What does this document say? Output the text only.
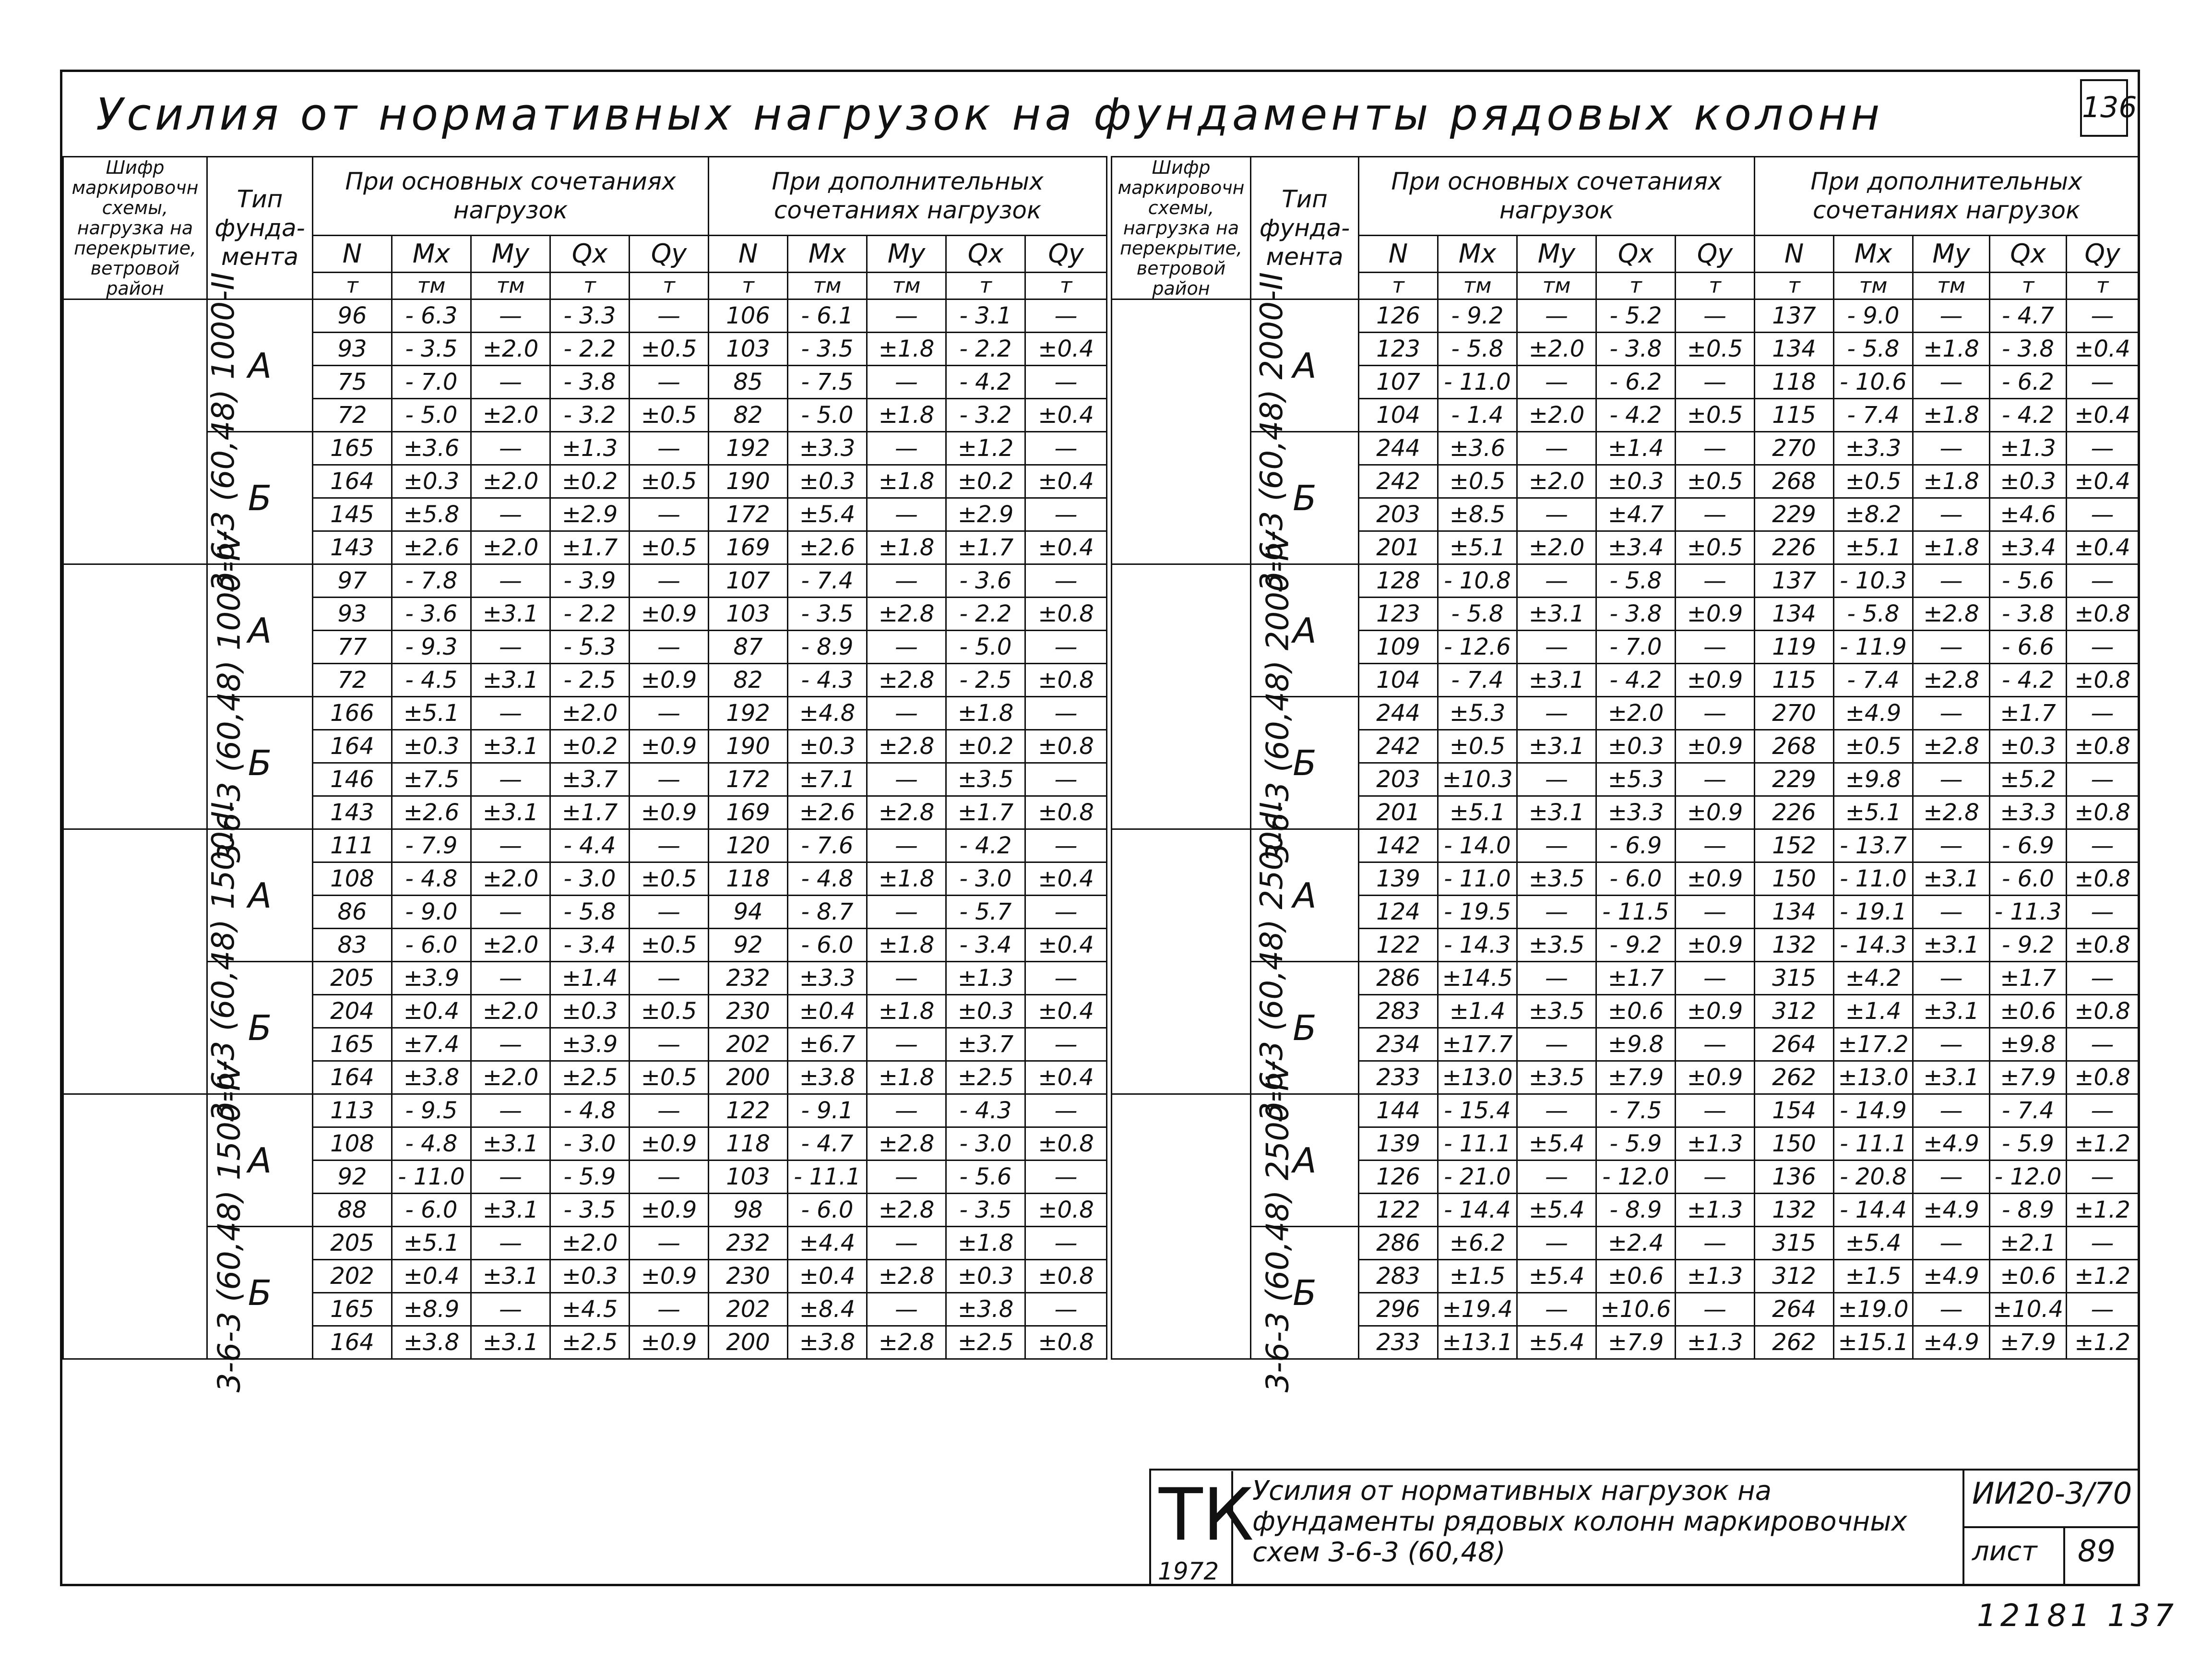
Усилия от нормативных нагрузок на фундаменты рядовых колонн	136
Шифр маркировочн схемы, нагрузка на перекрытие, ветровой район	Тип фунда-мента	При основных сочетаниях нагрузок					При дополнительных сочетаниях нагрузок				
		N	Mx	My	Qx	Qy	N	Mx	My	Qx	Qy
		т	тм	тм	т	т	т	тм	тм	т	т
3-6-3 (60,48) 1000-II	А	96	- 6.3	—	- 3.3	—	106	- 6.1	—	- 3.1	—
		93	- 3.5	±2.0	- 2.2	±0.5	103	- 3.5	±1.8	- 2.2	±0.4
		75	- 7.0	—	- 3.8	—	85	- 7.5	—	- 4.2	—
		72	- 5.0	±2.0	- 3.2	±0.5	82	- 5.0	±1.8	- 3.2	±0.4
	Б	165	±3.6	—	±1.3	—	192	±3.3	—	±1.2	—
		164	±0.3	±2.0	±0.2	±0.5	190	±0.3	±1.8	±0.2	±0.4
		145	±5.8	—	±2.9	—	172	±5.4	—	±2.9	—
		143	±2.6	±2.0	±1.7	±0.5	169	±2.6	±1.8	±1.7	±0.4
3-6-3 (60,48) 1000-IV	А	97	- 7.8	—	- 3.9	—	107	- 7.4	—	- 3.6	—
		93	- 3.6	±3.1	- 2.2	±0.9	103	- 3.5	±2.8	- 2.2	±0.8
		77	- 9.3	—	- 5.3	—	87	- 8.9	—	- 5.0	—
		72	- 4.5	±3.1	- 2.5	±0.9	82	- 4.3	±2.8	- 2.5	±0.8
	Б	166	±5.1	—	±2.0	—	192	±4.8	—	±1.8	—
		164	±0.3	±3.1	±0.2	±0.9	190	±0.3	±2.8	±0.2	±0.8
		146	±7.5	—	±3.7	—	172	±7.1	—	±3.5	—
		143	±2.6	±3.1	±1.7	±0.9	169	±2.6	±2.8	±1.7	±0.8
3-6-3 (60,48) 1500-II	А	111	- 7.9	—	- 4.4	—	120	- 7.6	—	- 4.2	—
		108	- 4.8	±2.0	- 3.0	±0.5	118	- 4.8	±1.8	- 3.0	±0.4
		86	- 9.0	—	- 5.8	—	94	- 8.7	—	- 5.7	—
		83	- 6.0	±2.0	- 3.4	±0.5	92	- 6.0	±1.8	- 3.4	±0.4
	Б	205	±3.9	—	±1.4	—	232	±3.3	—	±1.3	—
		204	±0.4	±2.0	±0.3	±0.5	230	±0.4	±1.8	±0.3	±0.4
		165	±7.4	—	±3.9	—	202	±6.7	—	±3.7	—
		164	±3.8	±2.0	±2.5	±0.5	200	±3.8	±1.8	±2.5	±0.4
3-6-3 (60,48) 1500-IV	А	113	- 9.5	—	- 4.8	—	122	- 9.1	—	- 4.3	—
		108	- 4.8	±3.1	- 3.0	±0.9	118	- 4.7	±2.8	- 3.0	±0.8
		92	- 11.0	—	- 5.9	—	103	- 11.1	—	- 5.6	—
		88	- 6.0	±3.1	- 3.5	±0.9	98	- 6.0	±2.8	- 3.5	±0.8
	Б	205	±5.1	—	±2.0	—	232	±4.4	—	±1.8	—
		202	±0.4	±3.1	±0.3	±0.9	230	±0.4	±2.8	±0.3	±0.8
		165	±8.9	—	±4.5	—	202	±8.4	—	±3.8	—
		164	±3.8	±3.1	±2.5	±0.9	200	±3.8	±2.8	±2.5	±0.8
Шифр маркировочн схемы, нагрузка на перекрытие, ветровой район	Тип фунда-мента	При основных сочетаниях нагрузок					При дополнительных сочетаниях нагрузок				
		N	Mx	My	Qx	Qy	N	Mx	My	Qx	Qy
		т	тм	тм	т	т	т	тм	тм	т	т
3-6-3 (60,48) 2000-II	А	126	- 9.2	—	- 5.2	—	137	- 9.0	—	- 4.7	—
		123	- 5.8	±2.0	- 3.8	±0.5	134	- 5.8	±1.8	- 3.8	±0.4
		107	- 11.0	—	- 6.2	—	118	- 10.6	—	- 6.2	—
		104	- 1.4	±2.0	- 4.2	±0.5	115	- 7.4	±1.8	- 4.2	±0.4
	Б	244	±3.6	—	±1.4	—	270	±3.3	—	±1.3	—
		242	±0.5	±2.0	±0.3	±0.5	268	±0.5	±1.8	±0.3	±0.4
		203	±8.5	—	±4.7	—	229	±8.2	—	±4.6	—
		201	±5.1	±2.0	±3.4	±0.5	226	±5.1	±1.8	±3.4	±0.4
3-6-3 (60,48) 2000-IV	А	128	- 10.8	—	- 5.8	—	137	- 10.3	—	- 5.6	—
		123	- 5.8	±3.1	- 3.8	±0.9	134	- 5.8	±2.8	- 3.8	±0.8
		109	- 12.6	—	- 7.0	—	119	- 11.9	—	- 6.6	—
		104	- 7.4	±3.1	- 4.2	±0.9	115	- 7.4	±2.8	- 4.2	±0.8
	Б	244	±5.3	—	±2.0	—	270	±4.9	—	±1.7	—
		242	±0.5	±3.1	±0.3	±0.9	268	±0.5	±2.8	±0.3	±0.8
		203	±10.3	—	±5.3	—	229	±9.8	—	±5.2	—
		201	±5.1	±3.1	±3.3	±0.9	226	±5.1	±2.8	±3.3	±0.8
3-6-3 (60,48) 2500-II	А	142	- 14.0	—	- 6.9	—	152	- 13.7	—	- 6.9	—
		139	- 11.0	±3.5	- 6.0	±0.9	150	- 11.0	±3.1	- 6.0	±0.8
		124	- 19.5	—	- 11.5	—	134	- 19.1	—	- 11.3	—
		122	- 14.3	±3.5	- 9.2	±0.9	132	- 14.3	±3.1	- 9.2	±0.8
	Б	286	±14.5	—	±1.7	—	315	±4.2	—	±1.7	—
		283	±1.4	±3.5	±0.6	±0.9	312	±1.4	±3.1	±0.6	±0.8
		234	±17.7	—	±9.8	—	264	±17.2	—	±9.8	—
		233	±13.0	±3.5	±7.9	±0.9	262	±13.0	±3.1	±7.9	±0.8
3-6-3 (60,48) 2500-IV	А	144	- 15.4	—	- 7.5	—	154	- 14.9	—	- 7.4	—
		139	- 11.1	±5.4	- 5.9	±1.3	150	- 11.1	±4.9	- 5.9	±1.2
		126	- 21.0	—	- 12.0	—	136	- 20.8	—	- 12.0	—
		122	- 14.4	±5.4	- 8.9	±1.3	132	- 14.4	±4.9	- 8.9	±1.2
	Б	286	±6.2	—	±2.4	—	315	±5.4	—	±2.1	—
		283	±1.5	±5.4	±0.6	±1.3	312	±1.5	±4.9	±0.6	±1.2
		296	±19.4	—	±10.6	—	264	±19.0	—	±10.4	—
		233	±13.1	±5.4	±7.9	±1.3	262	±15.1	±4.9	±7.9	±1.2
ТК
1972
Усилия от нормативных нагрузок на фундаменты рядовых колонн маркировочных схем 3-6-3 (60,48)
ИИ20-3/70
лист 89
12181 137
